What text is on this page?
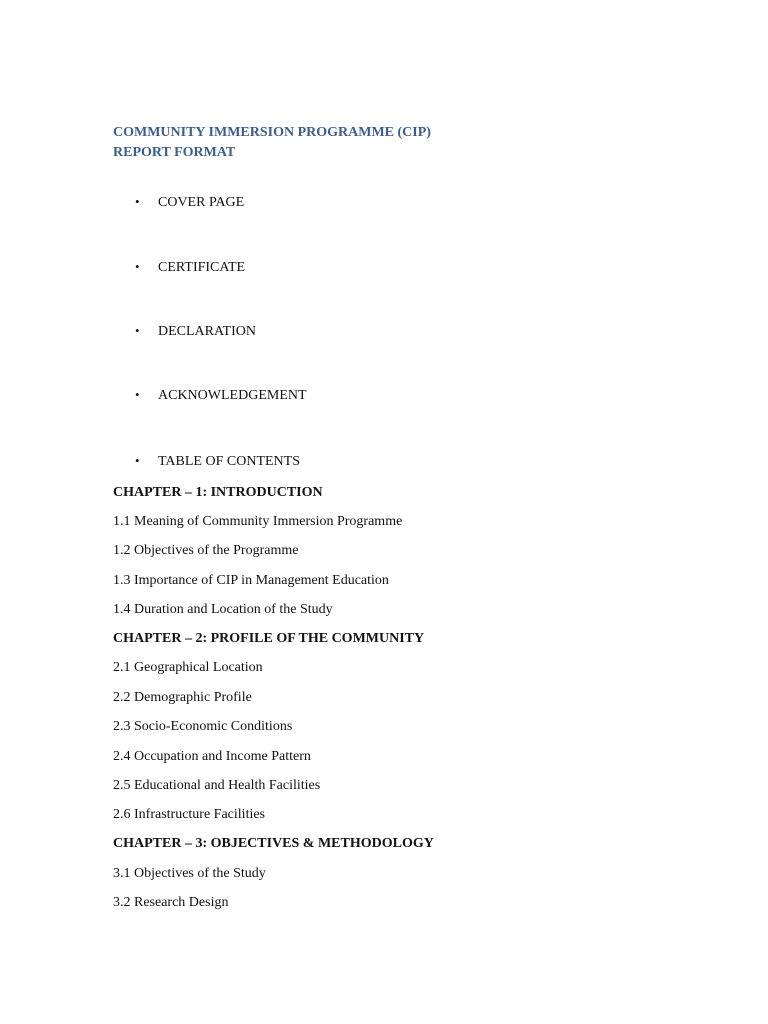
COMMUNITY IMMERSION PROGRAMME (CIP)
REPORT FORMAT
• COVER PAGE
• CERTIFICATE
• DECLARATION
• ACKNOWLEDGEMENT
• TABLE OF CONTENTS
CHAPTER – 1: INTRODUCTION
1.1 Meaning of Community Immersion Programme
1.2 Objectives of the Programme
1.3 Importance of CIP in Management Education
1.4 Duration and Location of the Study
CHAPTER – 2: PROFILE OF THE COMMUNITY
2.1 Geographical Location
2.2 Demographic Profile
2.3 Socio-Economic Conditions
2.4 Occupation and Income Pattern
2.5 Educational and Health Facilities
2.6 Infrastructure Facilities
CHAPTER – 3: OBJECTIVES & METHODOLOGY
3.1 Objectives of the Study
3.2 Research Design
